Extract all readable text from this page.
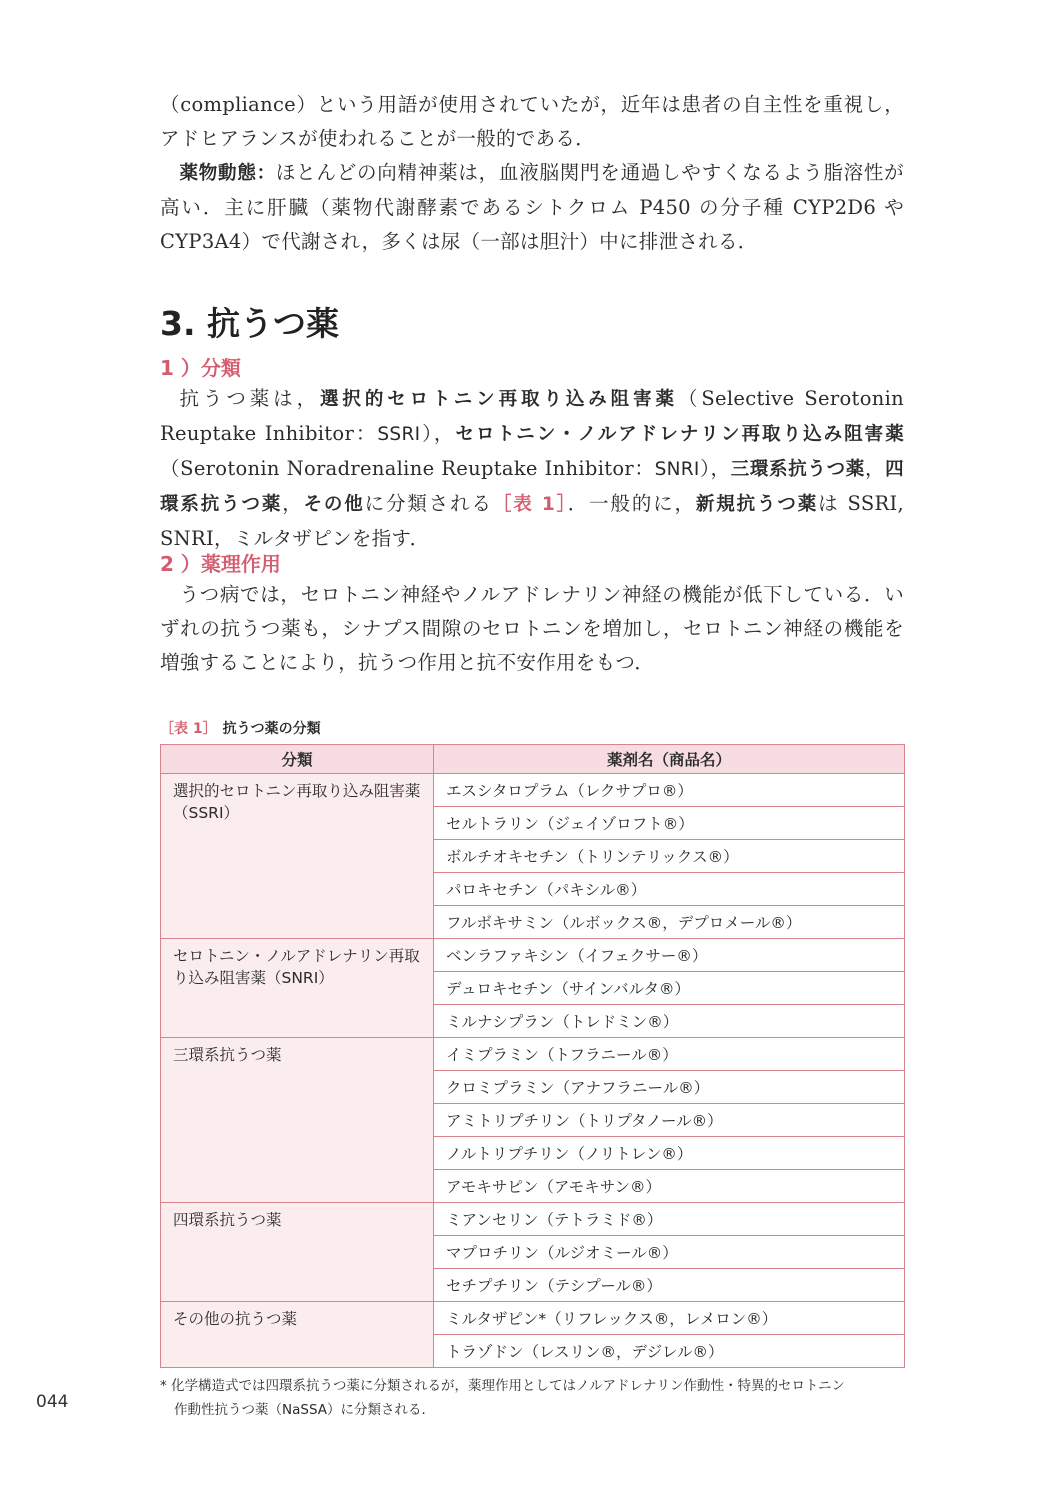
（compliance）という用語が使用されていたが，近年は患者の自主性を重視し，アドヒアランスが使われることが一般的である．

薬物動態：ほとんどの向精神薬は，血液脳関門を通過しやすくなるよう脂溶性が高い．主に肝臓（薬物代謝酵素であるシトクロム P450 の分子種 CYP2D6 や CYP3A4）で代謝され，多くは尿（一部は胆汁）中に排泄される．

3. 抗うつ薬
1 ）分類

抗うつ薬は，選択的セロトニン再取り込み阻害薬（Selective Serotonin Reuptake Inhibitor：SSRI），セロトニン・ノルアドレナリン再取り込み阻害薬（Serotonin Noradrenaline Reuptake Inhibitor：SNRI），三環系抗うつ薬，四環系抗うつ薬，その他に分類される［表 1］．一般的に，新規抗うつ薬は SSRI, SNRI，ミルタザピンを指す．

2 ）薬理作用

うつ病では，セロトニン神経やノルアドレナリン神経の機能が低下している．いずれの抗うつ薬も，シナプス間隙のセロトニンを増加し，セロトニン神経の機能を増強することにより，抗うつ作用と抗不安作用をもつ．

［表 1］ 抗うつ薬の分類

分類	薬剤名（商品名）
選択的セロトニン再取り込み阻害薬（SSRI）	エスシタロプラム（レクサプロ®）
	セルトラリン（ジェイゾロフト®）
	ボルチオキセチン（トリンテリックス®）
	パロキセチン（パキシル®）
	フルボキサミン（ルボックス®，デプロメール®）
セロトニン・ノルアドレナリン再取り込み阻害薬（SNRI）	ベンラファキシン（イフェクサー®）
	デュロキセチン（サインバルタ®）
	ミルナシプラン（トレドミン®）
三環系抗うつ薬	イミプラミン（トフラニール®）
	クロミプラミン（アナフラニール®）
	アミトリプチリン（トリプタノール®）
	ノルトリプチリン（ノリトレン®）
	アモキサピン（アモキサン®）
四環系抗うつ薬	ミアンセリン（テトラミド®）
	マプロチリン（ルジオミール®）
	セチプチリン（テシプール®）
その他の抗うつ薬	ミルタザピン*（リフレックス®，レメロン®）
	トラゾドン（レスリン®，デジレル®）

* 化学構造式では四環系抗うつ薬に分類されるが，薬理作用としてはノルアドレナリン作動性・特異的セロトニン
作動性抗うつ薬（NaSSA）に分類される．

044
